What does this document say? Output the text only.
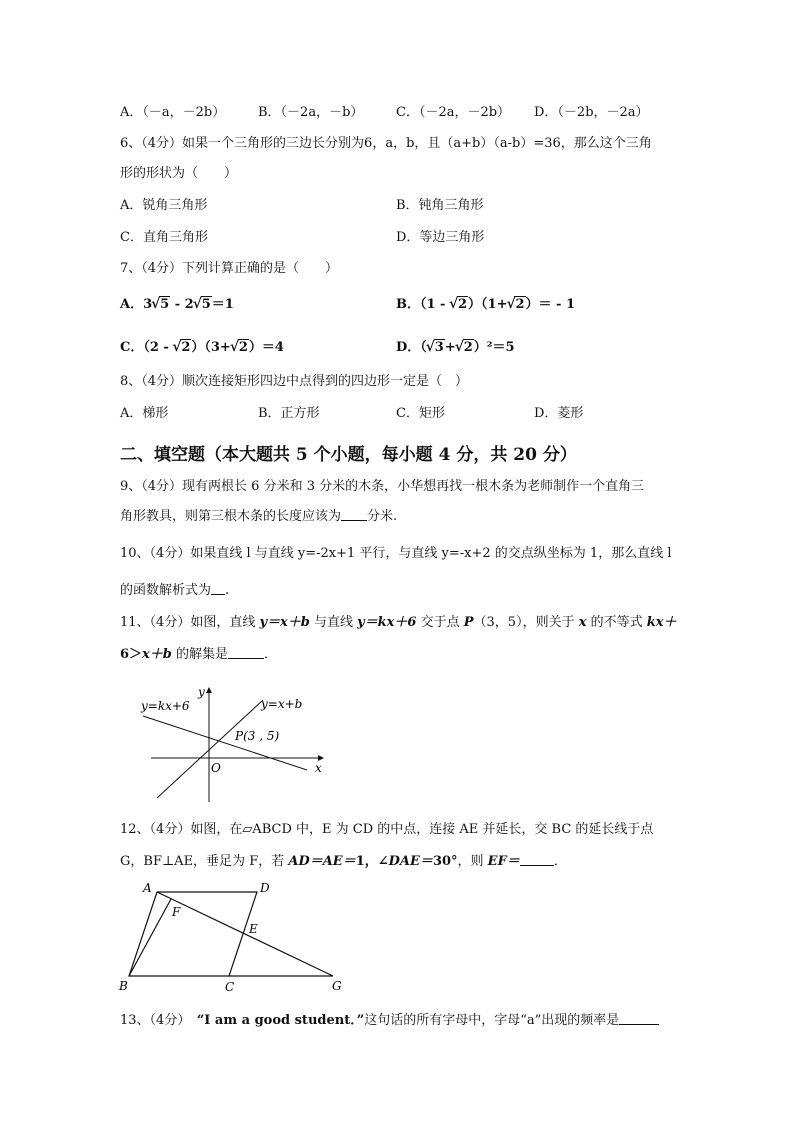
A．（－a，－2b）	B．（－2a，－b）	C．（－2a，－2b） D．（－2b，－2a）
6、（4分）如果一个三角形的三边长分别为6，a，b，且（a+b）（a-b）=36，那么这个三角
形的形状为（　　）
A．锐角三角形	B．钝角三角形
C．直角三角形	D．等边三角形
7、（4分）下列计算正确的是（　　）
A．3 √ 5 - 2 √ 5＝1	B．（1 - √ 2）（1+ √ 2）＝ - 1
C．（2 - √ 2）（3+ √ 2）＝4	D．（ √ 3+ √ 2）²＝5
8、（4分）顺次连接矩形四边中点得到的四边形一定是（　）
A．梯形	B．正方形	C．矩形	D．菱形
二、填空题（本大题共 5 个小题，每小题 4 分，共 20 分）
9、（4分）现有两根长 6 分米和 3 分米的木条，小华想再找一根木条为老师制作一个直角三
角形教具，则第三根木条的长度应该为 分米.
10、（4分）如果直线 l 与直线 y=-2x+1 平行，与直线 y=-x+2 的交点纵坐标为 1，那么直线 l
的函数解析式为 .
11、（4分）如图，直线 y＝x＋b 与直线 y＝kx＋6 交于点 P（3，5），则关于 x 的不等式 kx＋
6＞x＋b 的解集是	．
y=kx+6	y=x+b
y
x
O
P(3 , 5)
12、（4分）如图，在▱ABCD 中，E 为 CD 的中点，连接 AE 并延长，交 BC 的延长线于点
G，BF⊥AE，垂足为 F，若 AD＝AE＝1，∠DAE＝30°，则 EF＝	．
A	D
F
E
B	C	G
13、（4分）　“I am a good student．”这句话的所有字母中，字母“a”出现的频率是
